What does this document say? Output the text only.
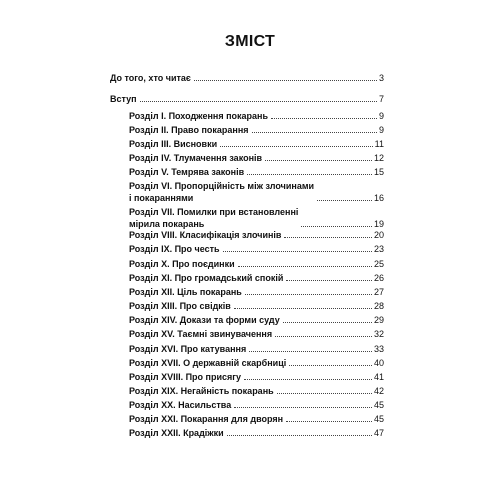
ЗМІСТ
До того, хто читає	3
Вступ	7
Розділ I. Походження покарань	9
Розділ II. Право покарання	9
Розділ III. Висновки	11
Розділ IV. Тлумачення законів	12
Розділ V. Темрява законів	15
Розділ VI. Пропорційність між злочинами
і покараннями	16
Розділ VII. Помилки при встановленні
мірила покарань	19
Розділ VIII. Класифікація злочинів	20
Розділ IX. Про честь	23
Розділ X. Про поєдинки	25
Розділ XI. Про громадський спокій	26
Розділ XII. Ціль покарань	27
Розділ XIII. Про свідків	28
Розділ XIV. Докази та форми суду	29
Розділ XV. Таємні звинувачення	32
Розділ XVI. Про катування	33
Розділ XVII. О державній скарбниці	40
Розділ XVIII. Про присягу	41
Розділ XIX. Негайність покарань	42
Розділ XX. Насильства	45
Розділ XXI. Покарання для дворян	45
Розділ XXII. Крадіжки	47
